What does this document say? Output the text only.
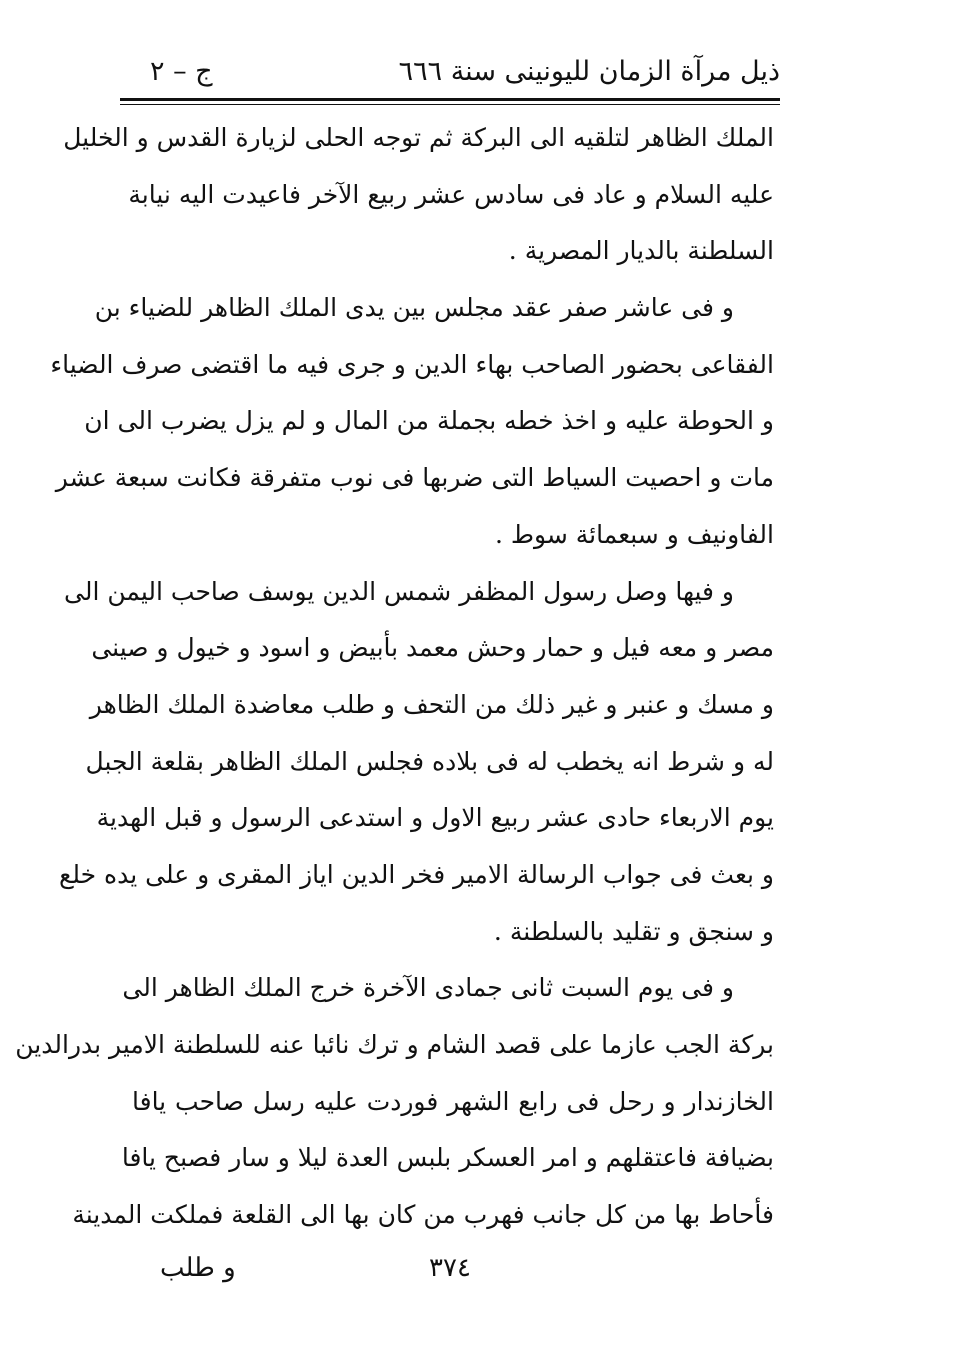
ذيل مرآة الزمان لليونينى سنة ٦٦٦
ج – ٢
الملك الظاهر لتلقيه الى البركة ثم توجه الحلى لزيارة القدس و الخليل
عليه السلام و عاد فى سادس عشر ربيع الآخر فاعيدت اليه نيابة
السلطنة بالديار المصرية .
و فى عاشر صفر عقد مجلس بين يدى الملك الظاهر للضياء بن
الفقاعى بحضور الصاحب بهاء الدين و جرى فيه ما اقتضى صرف الضياء
و الحوطة عليه و اخذ خطه بجملة من المال و لم يزل يضرب الى ان
مات و احصيت السياط التى ضربها فى نوب متفرقة فكانت سبعة عشر
الفاونيف و سبعمائة سوط .
و فيها وصل رسول المظفر شمس الدين يوسف صاحب اليمن الى
مصر و معه فيل و حمار وحش معمد بأبيض و اسود و خيول و صينى
و مسك و عنبر و غير ذلك من التحف و طلب معاضدة الملك الظاهر
له و شرط انه يخطب له فى بلاده فجلس الملك الظاهر بقلعة الجبل
يوم الاربعاء حادى عشر ربيع الاول و استدعى الرسول و قبل الهدية
و بعث فى جواب الرسالة الامير فخر الدين اياز المقرى و على يده خلع
و سنجق و تقليد بالسلطنة .
و فى يوم السبت ثانى جمادى الآخرة خرج الملك الظاهر الى
بركة الجب عازما على قصد الشام و ترك نائبا عنه للسلطنة الامير بدرالدين
الخازندار و رحل فى رابع الشهر فوردت عليه رسل صاحب يافا
بضيافة فاعتقلهم و امر العسكر بلبس العدة ليلا و سار فصبح يافا
فأحاط بها من كل جانب فهرب من كان بها الى القلعة فملكت المدينة
٣٧٤
و طلب
